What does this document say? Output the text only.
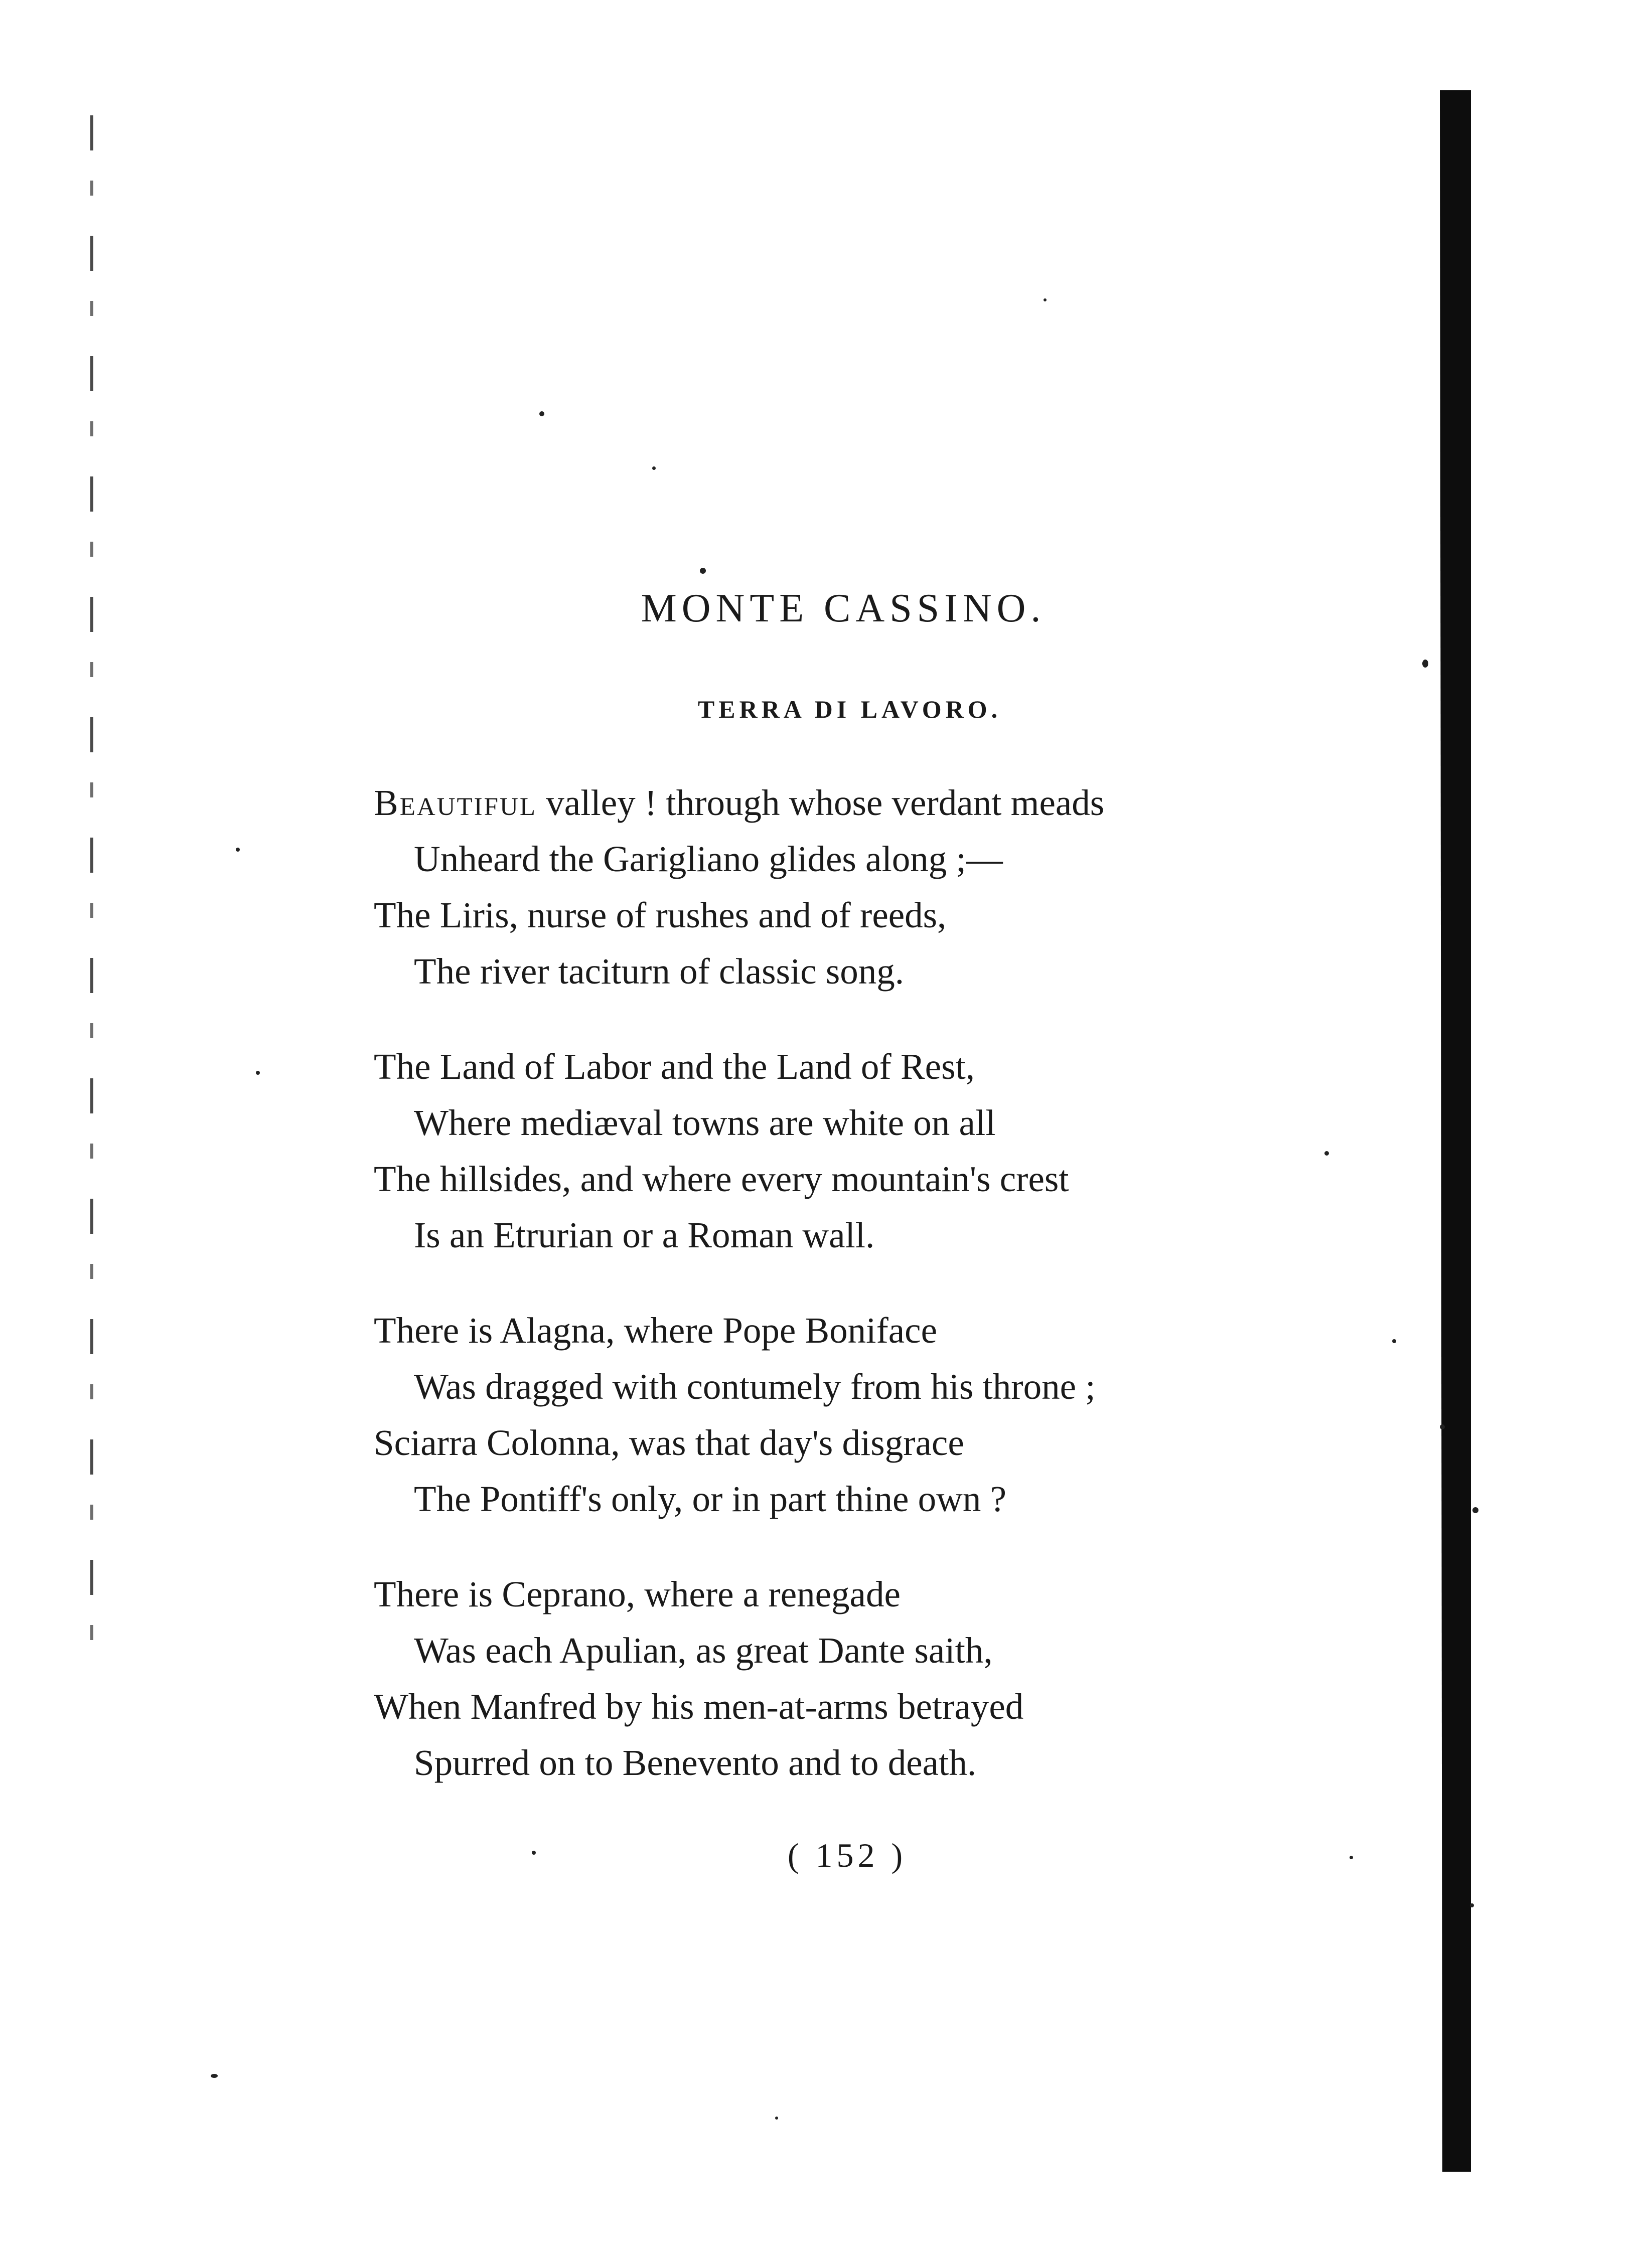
MONTE CASSINO.
TERRA DI LAVORO.
Beautiful valley ! through whose verdant meads
Unheard the Garigliano glides along ;—
The Liris, nurse of rushes and of reeds,
The river taciturn of classic song.
The Land of Labor and the Land of Rest,
Where mediæval towns are white on all
The hillsides, and where every mountain's crest
Is an Etrurian or a Roman wall.
There is Alagna, where Pope Boniface
Was dragged with contumely from his throne ;
Sciarra Colonna, was that day's disgrace
The Pontiff's only, or in part thine own ?
There is Ceprano, where a renegade
Was each Apulian, as great Dante saith,
When Manfred by his men-at-arms betrayed
Spurred on to Benevento and to death.
( 152 )
